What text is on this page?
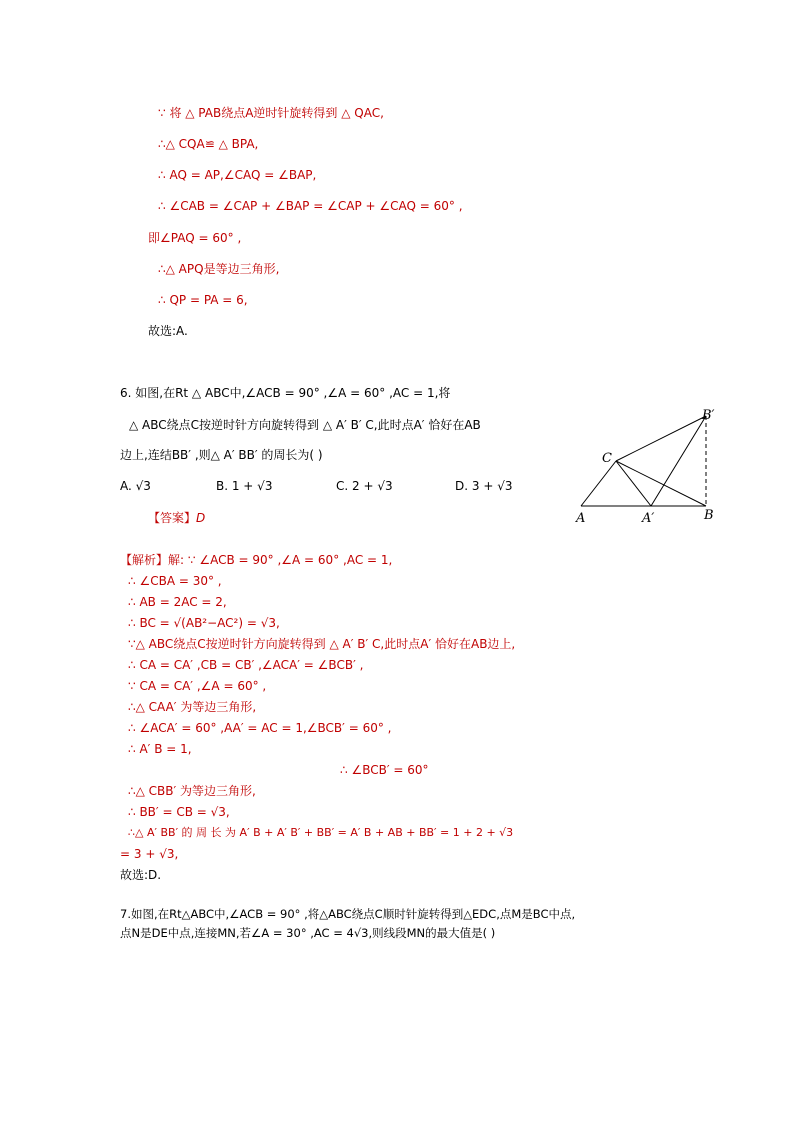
∵ 将 △ PAB绕点A逆时针旋转得到 △ QAC,
∴△ CQA≌ △ BPA,
∴ AQ = AP,∠CAQ = ∠BAP,
∴ ∠CAB = ∠CAP + ∠BAP = ∠CAP + ∠CAQ = 60° ,
即∠PAQ = 60° ,
∴△ APQ是等边三角形,
∴ QP = PA = 6,
故选:A.
6. 如图,在Rt △ ABC中,∠ACB = 90° ,∠A = 60° ,AC = 1,将
△ ABC绕点C按逆时针方向旋转得到 △ A′ B′ C,此时点A′ 恰好在AB
边上,连结BB′ ,则△ A′ BB′ 的周长为( )
A. √3	B. 1 + √3	C. 2 + √3	D. 3 + √3
【答案】D
B′
C
A	A′	B
【解析】解: ∵ ∠ACB = 90° ,∠A = 60° ,AC = 1,
∴ ∠CBA = 30° ,
∴ AB = 2AC = 2,
∴ BC = √(AB²−AC²) = √3,
∵△ ABC绕点C按逆时针方向旋转得到 △ A′ B′ C,此时点A′ 恰好在AB边上,
∴ CA = CA′ ,CB = CB′ ,∠ACA′ = ∠BCB′ ,
∵ CA = CA′ ,∠A = 60° ,
∴△ CAA′ 为等边三角形,
∴ ∠ACA′ = 60° ,AA′ = AC = 1,∠BCB′ = 60° ,
∴ A′ B = 1,
∴ ∠BCB′ = 60°
∴△ CBB′ 为等边三角形,
∴ BB′ = CB = √3,
∴△ A′ BB′ 的 周 长 为 A′ B + A′ B′ + BB′ = A′ B + AB + BB′ = 1 + 2 + √3
= 3 + √3,
故选:D.
7.如图,在Rt△ABC中,∠ACB = 90° ,将△ABC绕点C顺时针旋转得到△EDC,点M是BC中点,
点N是DE中点,连接MN,若∠A = 30° ,AC = 4√3,则线段MN的最大值是( )
